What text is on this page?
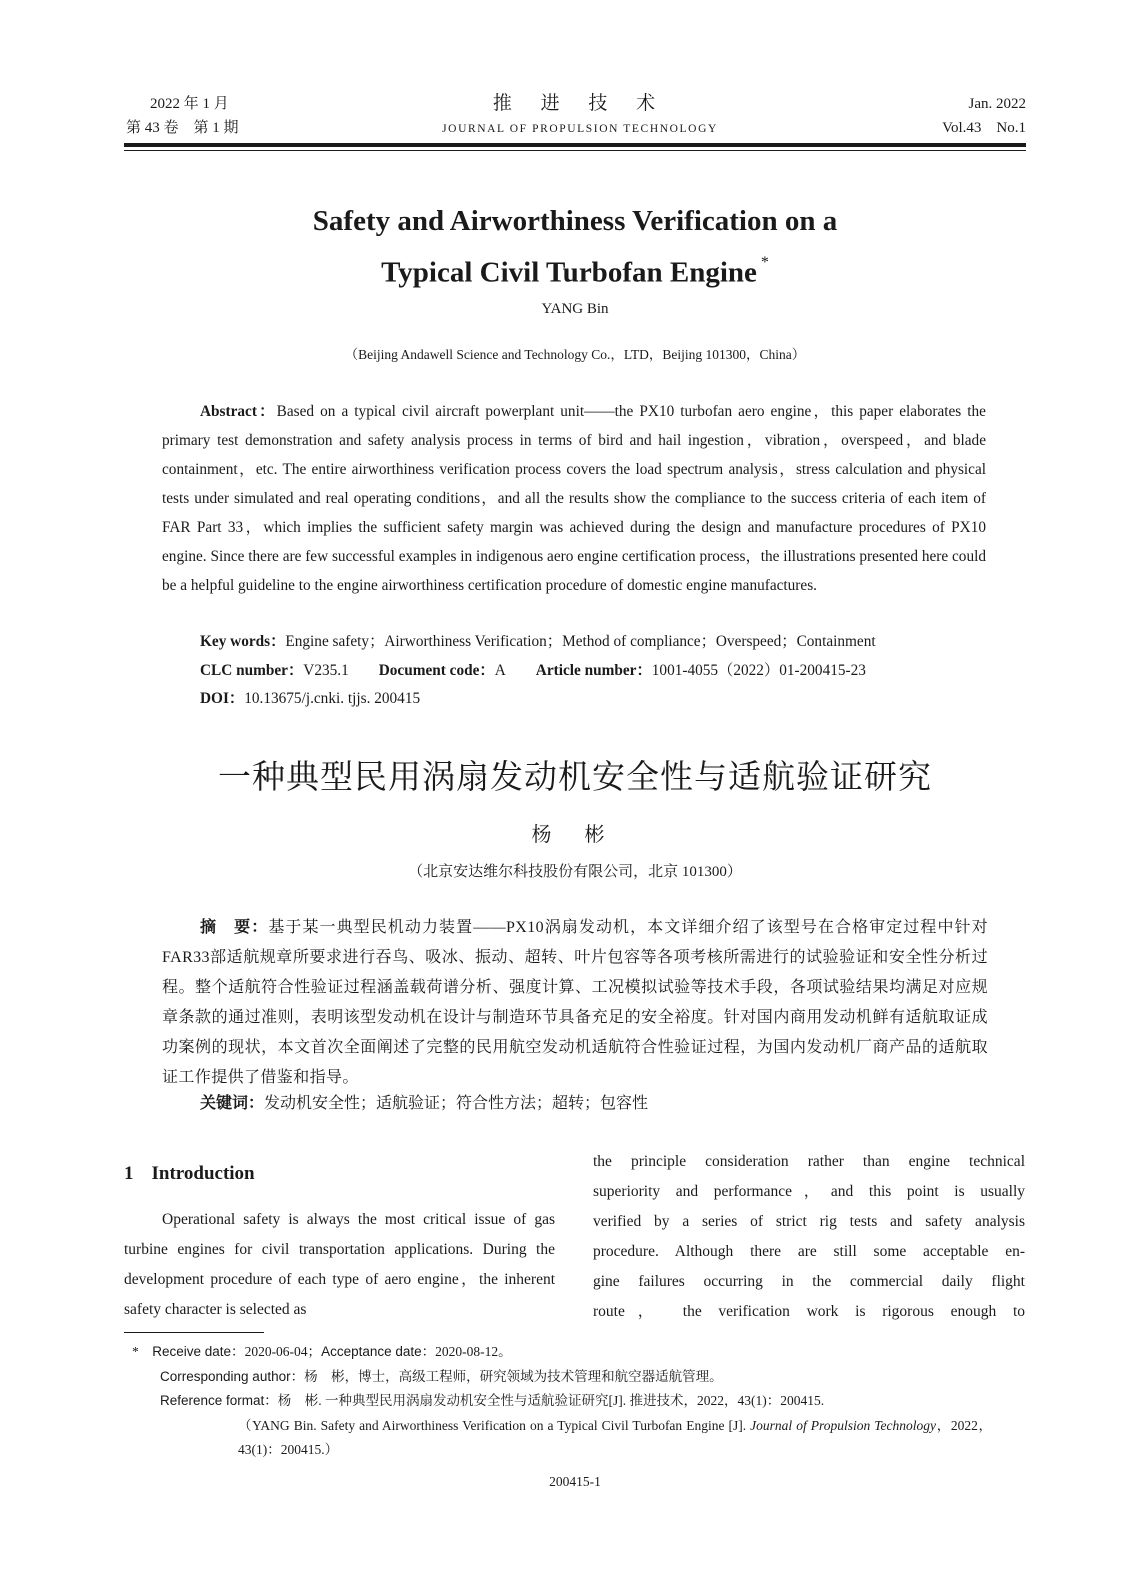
2022 年 1 月
第 43 卷　第 1 期
推 进 技 术
JOURNAL OF PROPULSION TECHNOLOGY
Jan. 2022
Vol.43　No.1
Safety and Airworthiness Verification on a
Typical Civil Turbofan Engine *
YANG Bin
（Beijing Andawell Science and Technology Co.，LTD，Beijing 101300，China）
Abstract：Based on a typical civil aircraft powerplant unit——the PX10 turbofan aero engine，this paper elaborates the primary test demonstration and safety analysis process in terms of bird and hail ingestion，vibration，overspeed，and blade containment，etc. The entire airworthiness verification process covers the load spectrum analysis，stress calculation and physical tests under simulated and real operating conditions，and all the results show the compliance to the success criteria of each item of FAR Part 33，which implies the sufficient safety margin was achieved during the design and manufacture procedures of PX10 engine. Since there are few successful examples in indigenous aero engine certification process，the illustrations presented here could be a helpful guideline to the engine airworthiness certification procedure of domestic engine manufactures.
Key words：Engine safety；Airworthiness Verification；Method of compliance；Overspeed；Containment
CLC number：V235.1 Document code：A Article number：1001-4055（2022）01-200415-23
DOI：10.13675/j.cnki. tjjs. 200415
一种典型民用涡扇发动机安全性与适航验证研究
杨 彬
（北京安达维尔科技股份有限公司，北京 101300）
摘　要：基于某一典型民机动力装置——PX10涡扇发动机，本文详细介绍了该型号在合格审定过程中针对FAR33部适航规章所要求进行吞鸟、吸冰、振动、超转、叶片包容等各项考核所需进行的试验验证和安全性分析过程。整个适航符合性验证过程涵盖载荷谱分析、强度计算、工况模拟试验等技术手段，各项试验结果均满足对应规章条款的通过准则，表明该型发动机在设计与制造环节具备充足的安全裕度。针对国内商用发动机鲜有适航取证成功案例的现状，本文首次全面阐述了完整的民用航空发动机适航符合性验证过程，为国内发动机厂商产品的适航取证工作提供了借鉴和指导。
关键词：发动机安全性；适航验证；符合性方法；超转；包容性
1 Introduction
Operational safety is always the most critical issue of gas turbine engines for civil transportation applications. During the development procedure of each type of aero engine，the inherent safety character is selected as
the principle consideration rather than engine technical
superiority and performance，and this point is usually
verified by a series of strict rig tests and safety analysis
procedure. Although there are still some acceptable en-
gine failures occurring in the commercial daily flight
route， the verification work is rigorous enough to
* Receive date：2020-06-04；Acceptance date：2020-08-12。
Corresponding author：杨　彬，博士，高级工程师，研究领域为技术管理和航空器适航管理。
Reference format：杨　彬. 一种典型民用涡扇发动机安全性与适航验证研究[J]. 推进技术，2022，43(1)：200415.
（YANG Bin. Safety and Airworthiness Verification on a Typical Civil Turbofan Engine [J]. Journal of Propulsion Technology，2022，43(1)：200415.）
200415-1
